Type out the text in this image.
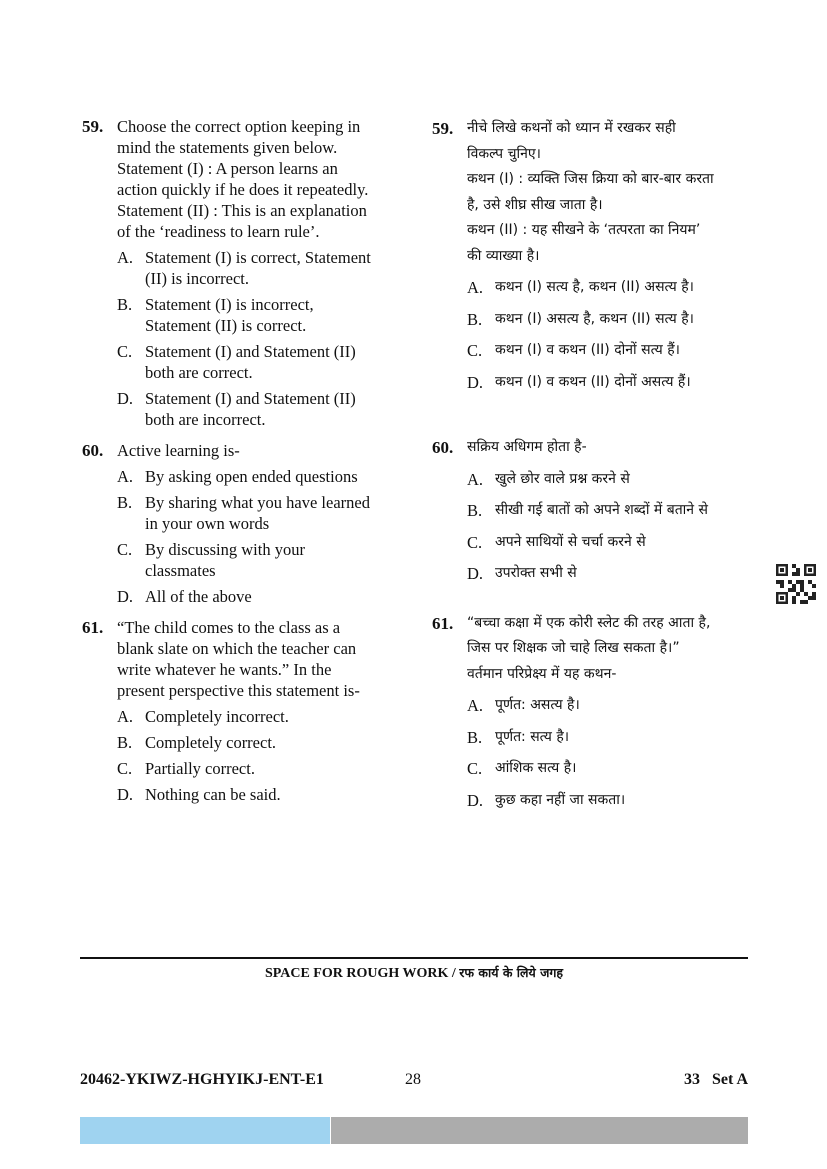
59. Choose the correct option keeping in
mind the statements given below.
Statement (I) : A person learns an
action quickly if he does it repeatedly.
Statement (II) : This is an explanation
of the ‘readiness to learn rule’.
A. Statement (I) is correct, Statement
(II) is incorrect.
B. Statement (I) is incorrect,
Statement (II) is correct.
C. Statement (I) and Statement (II)
both are correct.
D. Statement (I) and Statement (II)
both are incorrect.
60. Active learning is-
A. By asking open ended questions
B. By sharing what you have learned
in your own words
C. By discussing with your
classmates
D. All of the above
61. “The child comes to the class as a
blank slate on which the teacher can
write whatever he wants.” In the
present perspective this statement is-
A. Completely incorrect.
B. Completely correct.
C. Partially correct.
D. Nothing can be said.
59. नीचे लिखे कथनों को ध्यान में रखकर सही
विकल्प चुनिए।
कथन (I) : व्यक्ति जिस क्रिया को बार-बार करता
है, उसे शीघ्र सीख जाता है।
कथन (II) : यह सीखने के ‘तत्परता का नियम’
की व्याख्या है।
A. कथन (I) सत्य है, कथन (II) असत्य है।
B. कथन (I) असत्य है, कथन (II) सत्य है।
C. कथन (I) व कथन (II) दोनों सत्य हैं।
D. कथन (I) व कथन (II) दोनों असत्य हैं।
60. सक्रिय अधिगम होता है-
A. खुले छोर वाले प्रश्न करने से
B. सीखी गई बातों को अपने शब्दों में बताने से
C. अपने साथियों से चर्चा करने से
D. उपरोक्त सभी से
61. “बच्चा कक्षा में एक कोरी स्लेट की तरह आता है,
जिस पर शिक्षक जो चाहे लिख सकता है।”
वर्तमान परिप्रेक्ष्य में यह कथन-
A. पूर्णत: असत्य है।
B. पूर्णत: सत्य है।
C. आंशिक सत्य है।
D. कुछ कहा नहीं जा सकता।
SPACE FOR ROUGH WORK / रफ कार्य के लिये जगह
20462-YKIWZ-HGHYIKJ-ENT-E1	28	33   Set A
